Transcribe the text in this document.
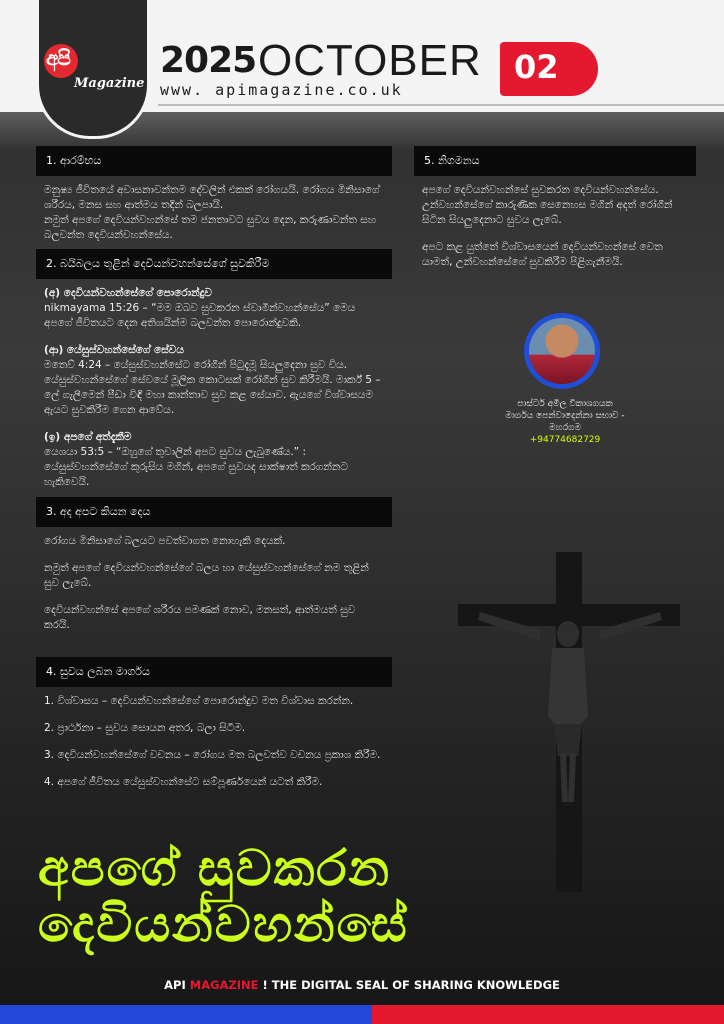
අපි
Magazine
2025 OCTOBER
www. apimagazine.co.uk
02
1. ආරම්භය
මනුෂ්‍ය ජීවිතයේ අවාසනාවන්තම දේවලින් එකක් රෝගයයි. රෝගය මිනිසාගේ ශරීරය, මනස සහ ආත්මය තදින් බලපායි.
නමුත් අපගේ දෙවියන්වහන්සේ තම ජනතාවට සුවය දෙන, කරුණාවන්ත සහ බලවන්ත දෙවියන්වහන්සේය.
2. බයිබලය තුළින් දෙවියන්වහන්සේගේ සුවකිරීම

(අ) දෙවියන්වහන්සේගේ පොරොන්දුව
nikmayama 15:26 – “මම ඔබව සුවකරන ස්වාමීන්වහන්සේය” මෙය අපගේ ජීවිතයට දෙන අතිශයින්ම බලවන්ත පොරොන්දුවකි.

(ආ) යේසුස්වහන්සේගේ සේවය
මතෙව් 4:24 – යේසුස්වහන්සේට රෝගීන් පිටුදැමූ සියලුදෙනා සුව විය. යේසුස්වහන්සේගේ සේවයේ මූලික කොටසක් රෝගීන් සුව කිරීමයි. මාර්ක් 5 – ලේ ගැලීමෙන් පීඩා විඳි මහා කාන්තාව සුව කළ සේයාව. ඇයගේ විශ්වාසයම ඇයට සුවකිරීම ගෙන ආවේය.

(ඉ) අපගේ අත්දැකීම
යෙශයා 53:5 – “ඔහුගේ තුවාලින් අපට සුවය ලැබුණේය.” : යේසුස්වහන්සේගේ කුරුසිය මගින්, අපගේ සුවයද සාක්ෂාත් කරගන්නට හැකිවෙයි.

3. අද අපට කියන දෙය

රෝගය මිනිසාගේ බලයට පවත්වාගත නොහැකි දෙයක්.

නමුත් අපගේ දෙවියන්වහන්සේගේ බලය හා යේසුස්වහන්සේගේ නම තුළින් සුව ලැබේ.

දෙවියන්වහන්සේ අපගේ ශරීරය පමණක් නොව, මනසත්, ආත්මයත් සුව කරයි.

4. සුවය ලබන මාර්ගය

1. විශ්වාසය – දෙවියන්වහන්සේගේ පොරොන්දුව මත විශ්වාස කරන්න.

2. ප්‍රාර්ථනා – සුවය සොයන අතර, බලා සිටීම.

3. දෙවියන්වහන්සේගේ වචනය – රෝගය මත බලවත්ව වචනය ප්‍රකාශ කිරීම.

4. අපගේ ජීවිතය යේසුස්වහන්සේට සම්පූර්ණයෙන් යටත් කිරීම.

5. නිගමනය

අපගේ දෙවියන්වහන්සේ සුවකරන දෙවියන්වහන්සේය. උන්වහන්සේගේ කාරුණික සෙනෙහස මගින් අදත් රෝගීන් සිටින සියලුදෙනාට සුවය ලැබේ.

අපට කළ යුත්තේ විශ්වාසයෙන් දෙවියන්වහන්සේ වෙත යාමත්, උන්වහන්සේගේ සුවකිරීම පිළිගැනීමයි.

පාස්ටර් අමිල විකාශගයක
මාර්ගය පෙන්වාදෙන්නා සභාව - මහරගම
+94774682729
අපගේ සුවකරන
දෙවියන්වහන්සේ
API MAGAZINE ! THE DIGITAL SEAL OF SHARING KNOWLEDGE
